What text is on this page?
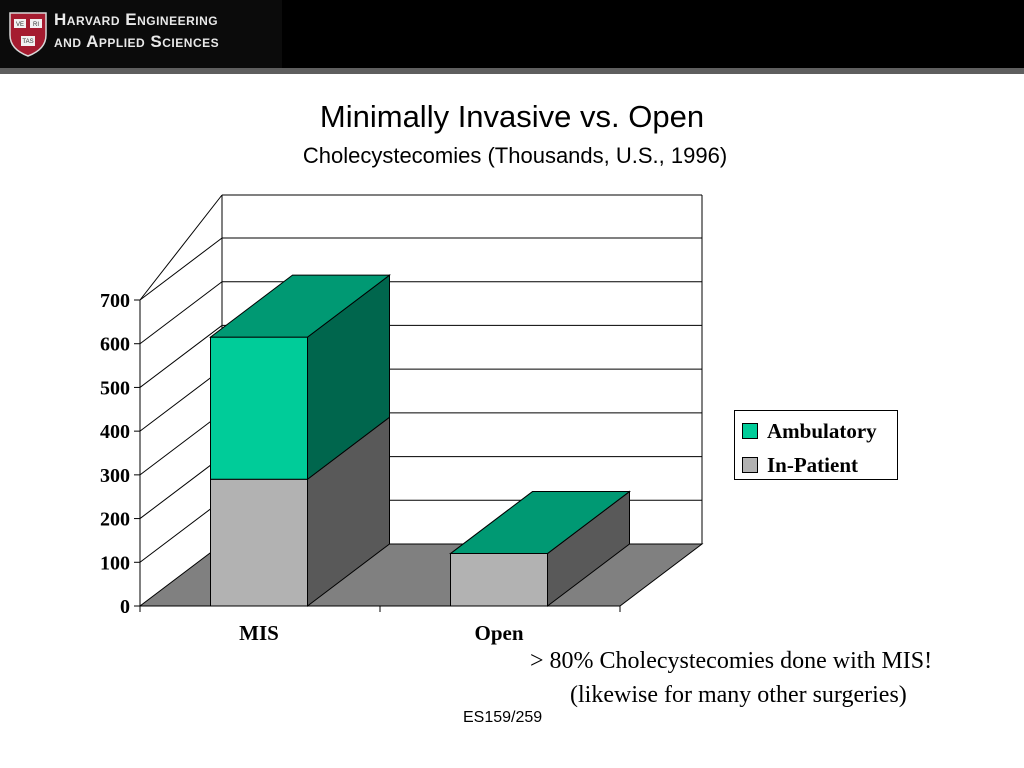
VE RI
TAS
Harvard Engineering
and Applied Sciences
Minimally Invasive vs. Open
Cholecystecomies (Thousands, U.S., 1996)
0
100
200
300
400
500
600
700
MIS	Open
Ambulatory
In-Patient
> 80% Cholecystecomies done with MIS!
(likewise for many other surgeries)
ES159/259
